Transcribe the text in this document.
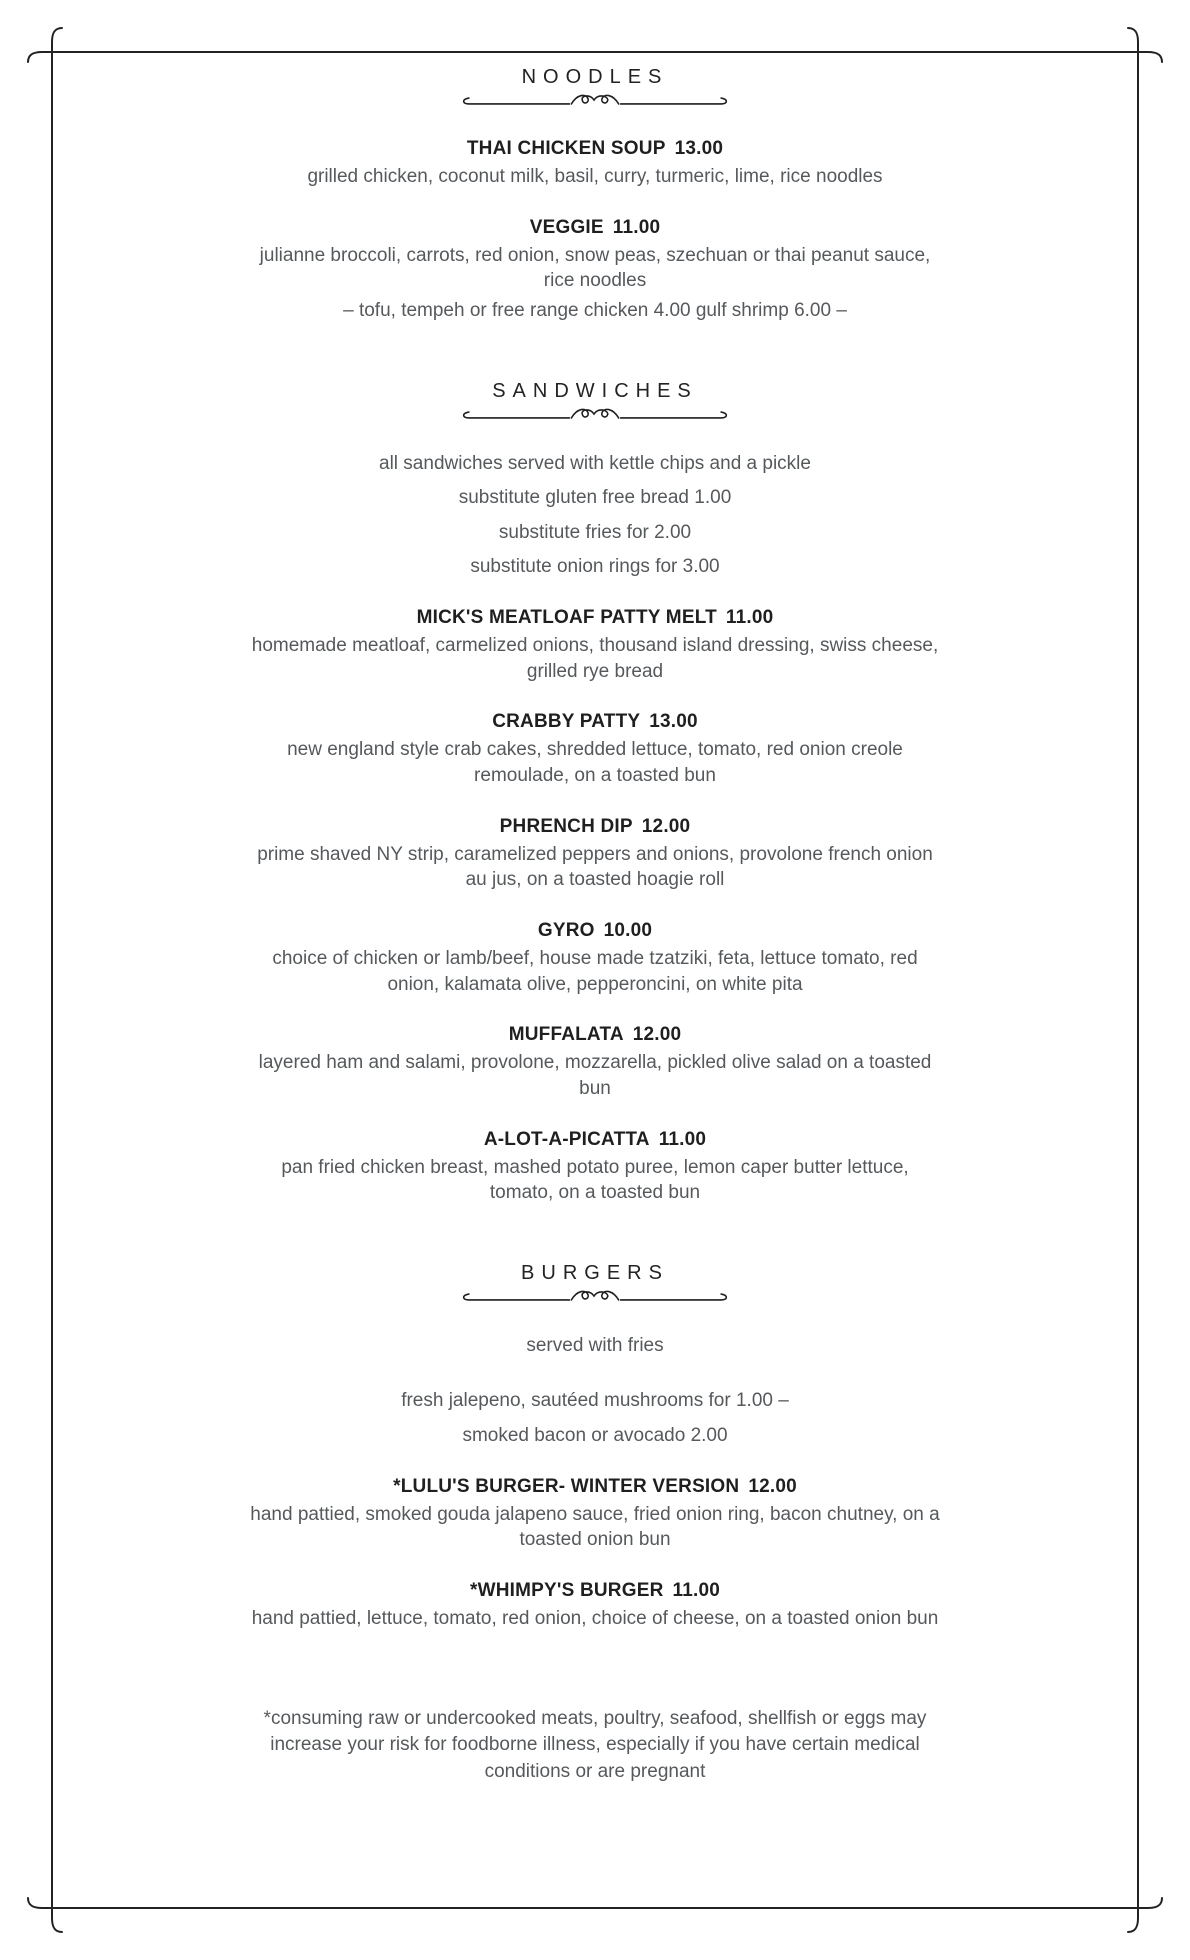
NOODLES
THAI CHICKEN SOUP 13.00

grilled chicken, coconut milk, basil, curry, turmeric, lime, rice noodles

VEGGIE 11.00

julianne broccoli, carrots, red onion, snow peas, szechuan or thai peanut sauce, rice noodles

– tofu, tempeh or free range chicken 4.00 gulf shrimp 6.00 –

SANDWICHES

all sandwiches served with kettle chips and a pickle

substitute gluten free bread 1.00

substitute fries for 2.00

substitute onion rings for 3.00

MICK'S MEATLOAF PATTY MELT 11.00

homemade meatloaf, carmelized onions, thousand island dressing, swiss cheese, grilled rye bread

CRABBY PATTY 13.00

new england style crab cakes, shredded lettuce, tomato, red onion creole remoulade, on a toasted bun

PHRENCH DIP 12.00

prime shaved NY strip, caramelized peppers and onions, provolone french onion au jus, on a toasted hoagie roll

GYRO 10.00

choice of chicken or lamb/beef, house made tzatziki, feta, lettuce tomato, red onion, kalamata olive, pepperoncini, on white pita

MUFFALATA 12.00

layered ham and salami, provolone, mozzarella, pickled olive salad on a toasted bun

A-LOT-A-PICATTA 11.00

pan fried chicken breast, mashed potato puree, lemon caper butter lettuce, tomato, on a toasted bun

BURGERS

served with fries

fresh jalepeno, sautéed mushrooms for 1.00 –

smoked bacon or avocado 2.00

*LULU'S BURGER- WINTER VERSION 12.00

hand pattied, smoked gouda jalapeno sauce, fried onion ring, bacon chutney, on a toasted onion bun

*WHIMPY'S BURGER 11.00

hand pattied, lettuce, tomato, red onion, choice of cheese, on a toasted onion bun

*consuming raw or undercooked meats, poultry, seafood, shellfish or eggs may increase your risk for foodborne illness, especially if you have certain medical conditions or are pregnant
